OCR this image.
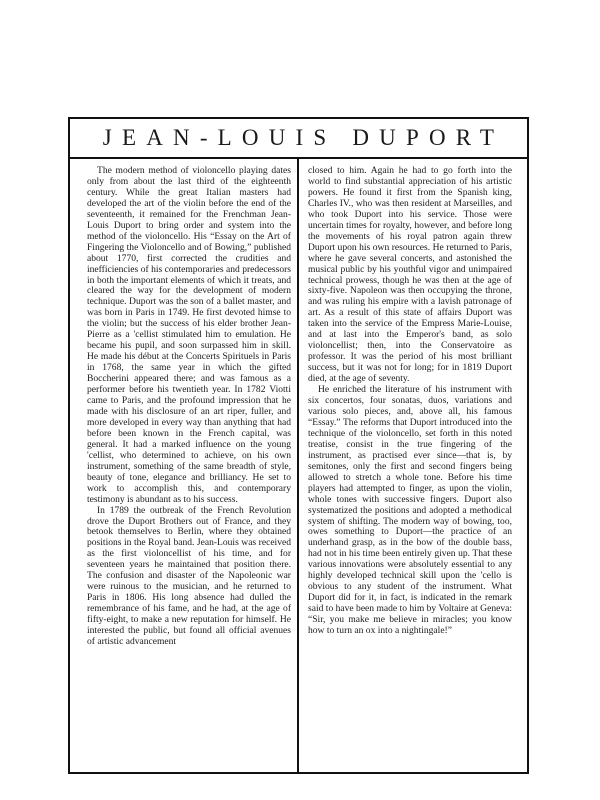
JEAN-LOUIS DUPORT

The modern method of violoncello playing dates only from about the last third of the eighteenth century. While the great Italian masters had developed the art of the violin before the end of the seventeenth, it remained for the Frenchman Jean-Louis Duport to bring order and system into the method of the violoncello. His “Essay on the Art of Fingering the Violoncello and of Bowing,” published about 1770, first corrected the crudities and inefficiencies of his contemporaries and predecessors in both the important elements of which it treats, and cleared the way for the development of modern technique. Duport was the son of a ballet master, and was born in Paris in 1749. He first devoted himse to the violin; but the success of his elder brother Jean-Pierre as a 'cellist stimulated him to emulation. He became his pupil, and soon surpassed him in skill. He made his début at the Concerts Spirituels in Paris in 1768, the same year in which the gifted Boccherini appeared there; and was famous as a performer before his twentieth year. In 1782 Viotti came to Paris, and the profound impression that he made with his disclosure of an art riper, fuller, and more developed in every way than anything that had before been known in the French capital, was general. It had a marked influence on the young 'cellist, who determined to achieve, on his own instrument, something of the same breadth of style, beauty of tone, elegance and brilliancy. He set to work to accomplish this, and contemporary testimony is abundant as to his success.

In 1789 the outbreak of the French Revolution drove the Duport Brothers out of France, and they betook themselves to Berlin, where they obtained positions in the Royal band. Jean-Louis was received as the first violoncellist of his time, and for seventeen years he maintained that position there. The confusion and disaster of the Napoleonic war were ruinous to the musician, and he returned to Paris in 1806. His long absence had dulled the remembrance of his fame, and he had, at the age of fifty-eight, to make a new reputation for himself. He interested the public, but found all official avenues of artistic advancement

closed to him. Again he had to go forth into the world to find substantial appreciation of his artistic powers. He found it first from the Spanish king, Charles IV., who was then resident at Marseilles, and who took Duport into his service. Those were uncertain times for royalty, however, and before long the movements of his royal patron again threw Duport upon his own resources. He returned to Paris, where he gave several concerts, and astonished the musical public by his youthful vigor and unimpaired technical prowess, though he was then at the age of sixty-five. Napoleon was then occupying the throne, and was ruling his empire with a lavish patronage of art. As a result of this state of affairs Duport was taken into the service of the Empress Marie-Louise, and at last into the Emperor's band, as solo violoncellist; then, into the Conservatoire as professor. It was the period of his most brilliant success, but it was not for long; for in 1819 Duport died, at the age of seventy.

He enriched the literature of his instrument with six concertos, four sonatas, duos, variations and various solo pieces, and, above all, his famous “Essay.” The reforms that Duport introduced into the technique of the violoncello, set forth in this noted treatise, consist in the true fingering of the instrument, as practised ever since—that is, by semitones, only the first and second fingers being allowed to stretch a whole tone. Before his time players had attempted to finger, as upon the violin, whole tones with successive fingers. Duport also systematized the positions and adopted a methodical system of shifting. The modern way of bowing, too, owes something to Duport—the practice of an underhand grasp, as in the bow of the double bass, had not in his time been entirely given up. That these various innovations were absolutely essential to any highly developed technical skill upon the 'cello is obvious to any student of the instrument. What Duport did for it, in fact, is indicated in the remark said to have been made to him by Voltaire at Geneva: “Sir, you make me believe in miracles; you know how to turn an ox into a nightingale!”
